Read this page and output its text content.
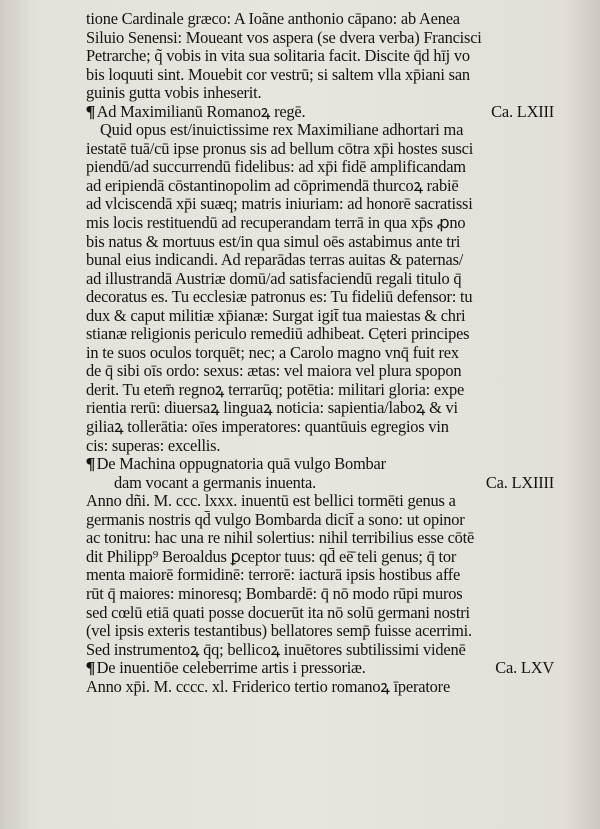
tione Cardinale græco: A Ioãne anthonio cāpano: ab Aenea
Siluio Senensi: Moueant vos aspera (se dvera verba) Francisci
Petrarche; q̃ vobis in vita sua solitaria facit. Discite q̄d hīj vo
bis loquuti sint. Mouebit cor vestrū; si saltem vlla xp̄iani san
guinis gutta vobis inheserit.
¶ Ad Maximilianū Romanoꝝ regē.	Ca. LXIII
Quid opus est/inuictissime rex Maximiliane adhortari ma
iestatē tuā/cū ipse pronus sis ad bellum cōtra xp̄i hostes susci
piendū/ad succurrendū fidelibus: ad xp̄i fidē amplificandam
ad eripiendā cōstantinopolim ad cōprimendā thurcoꝝ rabiē
ad vlciscendā xp̄i suæq; matris iniuriam: ad honorē sacratissi
mis locis restituendū ad recuperandam terrā in qua xp̄s ꝓno
bis natus & mortuus est/in qua simul oēs astabimus ante tri
bunal eius indicandi. Ad reparādas terras auitas & paternas/
ad illustrandā Austriæ domū/ad satisfaciendū regali titulo q̄
decoratus es. Tu ecclesiæ patronus es: Tu fideliū defensor: tu
dux & caput militiæ xp̄ianæ: Surgat igit̄ tua maiestas & chri
stianæ religionis periculo remediū adhibeat. Cęteri principes
in te suos oculos torquēt; nec; a Carolo magno vnq̄ fuit rex
de q̄ sibi oīs ordo: sexus: ætas: vel maiora vel plura spopon
derit. Tu etem̄ regnoꝝ terrarūq; potētia: militari gloria: expe
rientia rerū: diuersaꝝ linguaꝝ noticia: sapientia/laboꝝ & vi
giliaꝝ tollerātia: oīes imperatores: quantūuis egregios vin
cis: superas: excellis.
¶ De Machina oppugnatoria quā vulgo Bombar
dam vocant a germanis inuenta.	Ca. LXIIII
Anno dñi. M. ccc. lxxx. inuentū est bellici tormēti genus a
germanis nostris qd̄ vulgo Bombarda dicit̄ a sono: ut opinor
ac tonitru: hac una re nihil solertius: nihil terribilius esse cōtē
dit Philipp⁹ Beroaldus ꝑceptor tuus: qd̄ eē̄ teli genus; q̄ tor
menta maiorē formidinē: terrorē: iacturā ipsis hostibus affe
rūt q̄ maiores: minoresq; Bombardē: q̄ nō modo rūpi muros
sed cœlū etiā quati posse docuerūt ita nō solū germani nostri
(vel ipsis exteris testantibus) bellatores semp̄ fuisse acerrimi.
Sed instrumentoꝝ q̄q; bellicoꝝ inuētores subtilissimi videnē
¶ De inuentiōe celeberrime artis i pressoriæ.	Ca. LXV
Anno xp̄i. M. cccc. xl. Friderico tertio romanoꝝ īperatore
